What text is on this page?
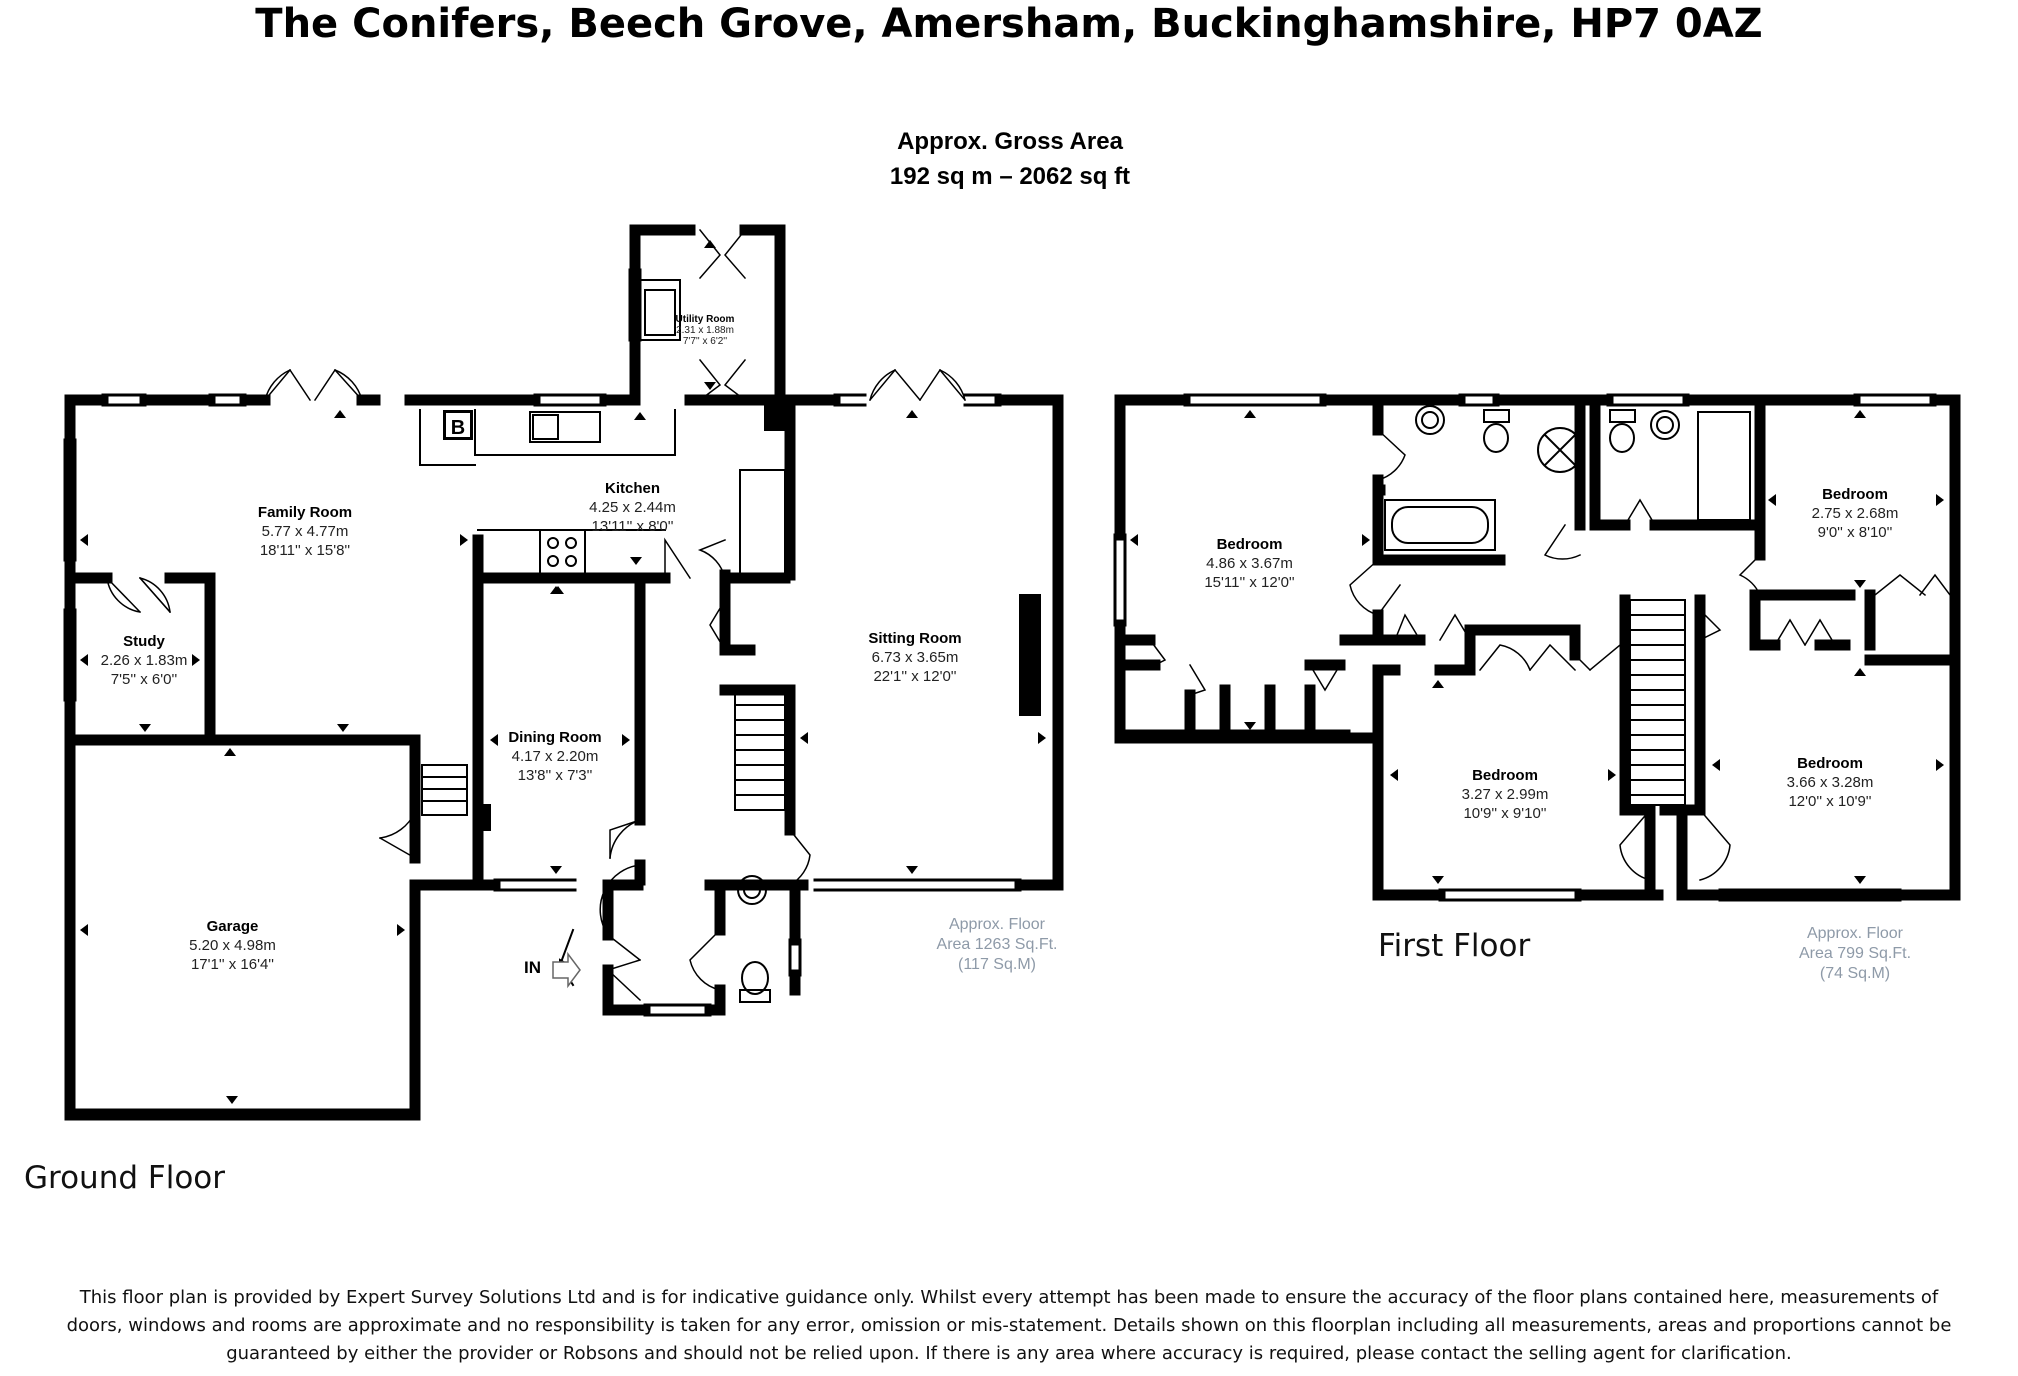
The Conifers, Beech Grove, Amersham, Buckinghamshire, HP7 0AZ
Approx. Gross Area
192 sq m – 2062 sq ft
Family Room
5.77 x 4.77m
18'11'' x 15'8''
Study
2.26 x 1.83m
7'5'' x 6'0''
Kitchen
4.25 x 2.44m
13'11'' x 8'0''
Utility Room
2.31 x 1.88m
7'7'' x 6'2''
Sitting Room
6.73 x 3.65m
22'1'' x 12'0''
Dining Room
4.17 x 2.20m
13'8'' x 7'3''
Garage
5.20 x 4.98m
17'1'' x 16'4''
B
IN
Approx. Floor
Area 1263 Sq.Ft.
(117 Sq.M)
Ground Floor
Bedroom
4.86 x 3.67m
15'11'' x 12'0''
Bedroom
2.75 x 2.68m
9'0'' x 8'10''
Bedroom
3.27 x 2.99m
10'9'' x 9'10''
Bedroom
3.66 x 3.28m
12'0'' x 10'9''
First Floor	Approx. Floor
Area 799 Sq.Ft.
(74 Sq.M)
This floor plan is provided by Expert Survey Solutions Ltd and is for indicative guidance only. Whilst every attempt has been made to ensure the accuracy of the floor plans contained here, measurements of
doors, windows and rooms are approximate and no responsibility is taken for any error, omission or mis-statement. Details shown on this floorplan including all measurements, areas and proportions cannot be
guaranteed by either the provider or Robsons and should not be relied upon. If there is any area where accuracy is required, please contact the selling agent for clarification.
